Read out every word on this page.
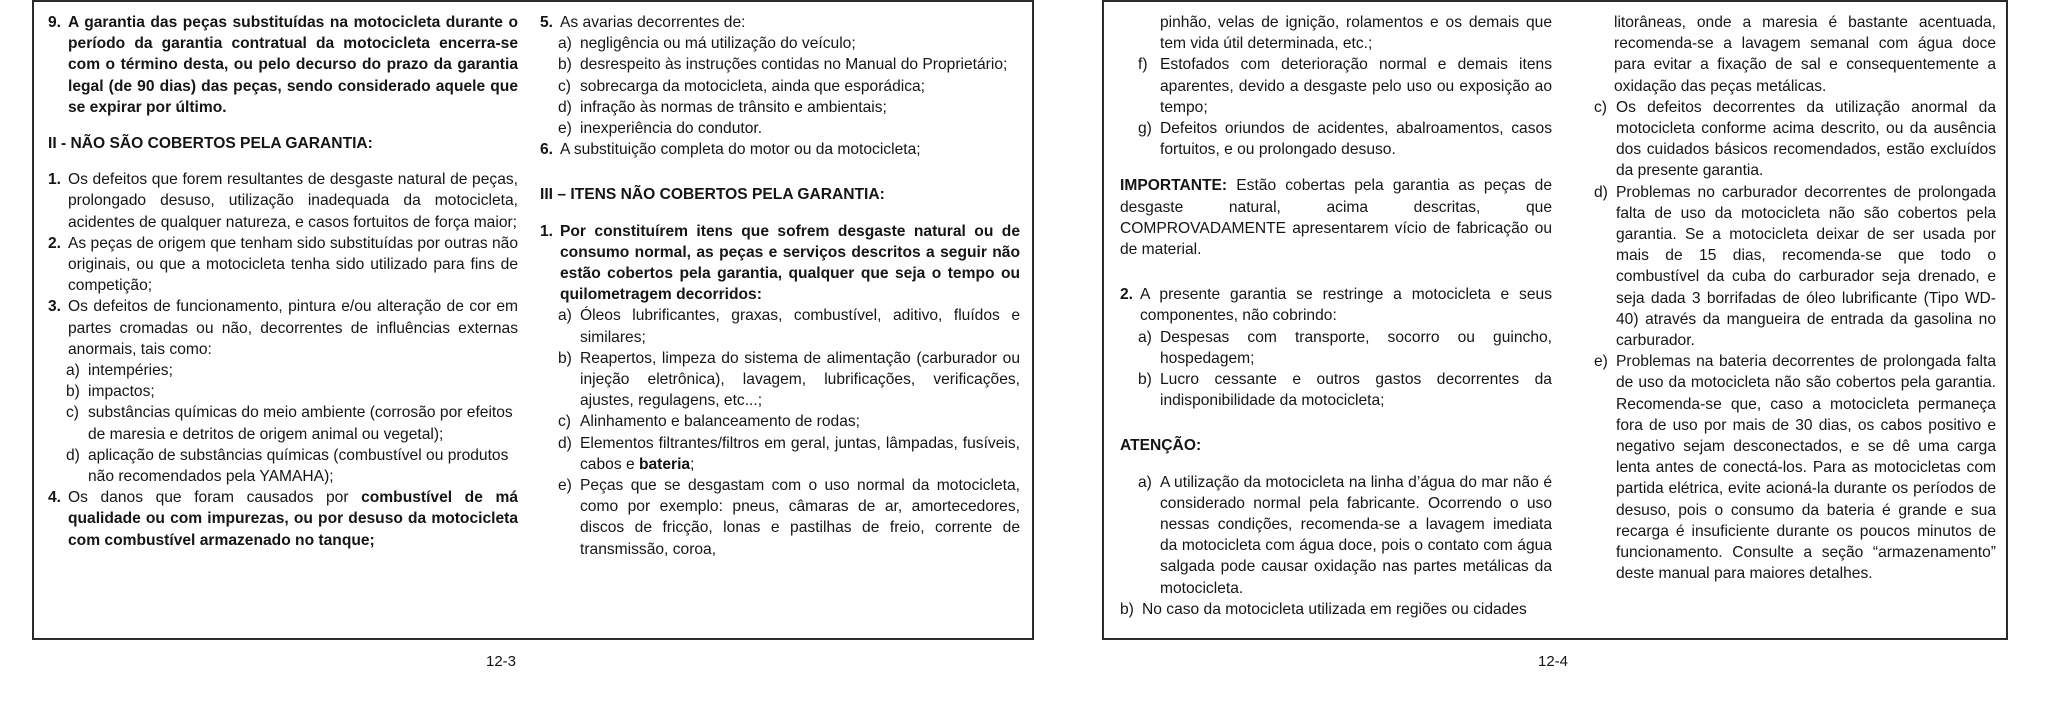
9. A garantia das peças substituídas na motocicleta durante o período da garantia contratual da motocicleta encerra-se com o término desta, ou pelo decurso do prazo da garantia legal (de 90 dias) das peças, sendo considerado aquele que se expirar por último.
II - NÃO SÃO COBERTOS PELA GARANTIA:
1. Os defeitos que forem resultantes de desgaste natural de peças, prolongado desuso, utilização inadequada da motocicleta, acidentes de qualquer natureza, e casos fortuitos de força maior;
2. As peças de origem que tenham sido substituídas por outras não originais, ou que a motocicleta tenha sido utilizado para fins de competição;
3. Os defeitos de funcionamento, pintura e/ou alteração de cor em partes cromadas ou não, decorrentes de influências externas anormais, tais como:
a) intempéries;
b) impactos;
c) substâncias químicas do meio ambiente (corrosão por efeitos de maresia e detritos de origem animal ou vegetal);
d) aplicação de substâncias químicas (combustível ou produtos não recomendados pela YAMAHA);
4. Os danos que foram causados por combustível de má qualidade ou com impurezas, ou por desuso da motocicleta com combustível armazenado no tanque;
5. As avarias decorrentes de:
a) negligência ou má utilização do veículo;
b) desrespeito às instruções contidas no Manual do Proprietário;
c) sobrecarga da motocicleta, ainda que esporádica;
d) infração às normas de trânsito e ambientais;
e) inexperiência do condutor.
6. A substituição completa do motor ou da motocicleta;
III – ITENS NÃO COBERTOS PELA GARANTIA:
1. Por constituírem itens que sofrem desgaste natural ou de consumo normal, as peças e serviços descritos a seguir não estão cobertos pela garantia, qualquer que seja o tempo ou quilometragem decorridos:
a) Óleos lubrificantes, graxas, combustível, aditivo, fluídos e similares;
b) Reapertos, limpeza do sistema de alimentação (carburador ou injeção eletrônica), lavagem, lubrificações, verificações, ajustes, regulagens, etc...;
c) Alinhamento e balanceamento de rodas;
d) Elementos filtrantes/filtros em geral, juntas, lâmpadas, fusíveis, cabos e bateria;
e) Peças que se desgastam com o uso normal da motocicleta, como por exemplo: pneus, câmaras de ar, amortecedores, discos de fricção, lonas e pastilhas de freio, corrente de transmissão, coroa,
12-3
pinhão, velas de ignição, rolamentos e os demais que tem vida útil determinada, etc.;
f) Estofados com deterioração normal e demais itens aparentes, devido a desgaste pelo uso ou exposição ao tempo;
g) Defeitos oriundos de acidentes, abalroamentos, casos fortuitos, e ou prolongado desuso.
IMPORTANTE: Estão cobertas pela garantia as peças de desgaste natural, acima descritas, que COMPROVADAMENTE apresentarem vício de fabricação ou de material.
2. A presente garantia se restringe a motocicleta e seus componentes, não cobrindo:
a) Despesas com transporte, socorro ou guincho, hospedagem;
b) Lucro cessante e outros gastos decorrentes da indisponibilidade da motocicleta;
ATENÇÃO:
a) A utilização da motocicleta na linha d’água do mar não é considerado normal pela fabricante. Ocorrendo o uso nessas condições, recomenda-se a lavagem imediata da motocicleta com água doce, pois o contato com água salgada pode causar oxidação nas partes metálicas da motocicleta.
b) No caso da motocicleta utilizada em regiões ou cidades
litorâneas, onde a maresia é bastante acentuada, recomenda-se a lavagem semanal com água doce para evitar a fixação de sal e consequentemente a oxidação das peças metálicas.
c) Os defeitos decorrentes da utilização anormal da motocicleta conforme acima descrito, ou da ausência dos cuidados básicos recomendados, estão excluídos da presente garantia.
d) Problemas no carburador decorrentes de prolongada falta de uso da motocicleta não são cobertos pela garantia. Se a motocicleta deixar de ser usada por mais de 15 dias, recomenda-se que todo o combustível da cuba do carburador seja drenado, e seja dada 3 borrifadas de óleo lubrificante (Tipo WD-40) através da mangueira de entrada da gasolina no carburador.
e) Problemas na bateria decorrentes de prolongada falta de uso da motocicleta não são cobertos pela garantia. Recomenda-se que, caso a motocicleta permaneça fora de uso por mais de 30 dias, os cabos positivo e negativo sejam desconectados, e se dê uma carga lenta antes de conectá-los. Para as motocicletas com partida elétrica, evite acioná-la durante os períodos de desuso, pois o consumo da bateria é grande e sua recarga é insuficiente durante os poucos minutos de funcionamento. Consulte a seção “armazenamento” deste manual para maiores detalhes.
12-4
